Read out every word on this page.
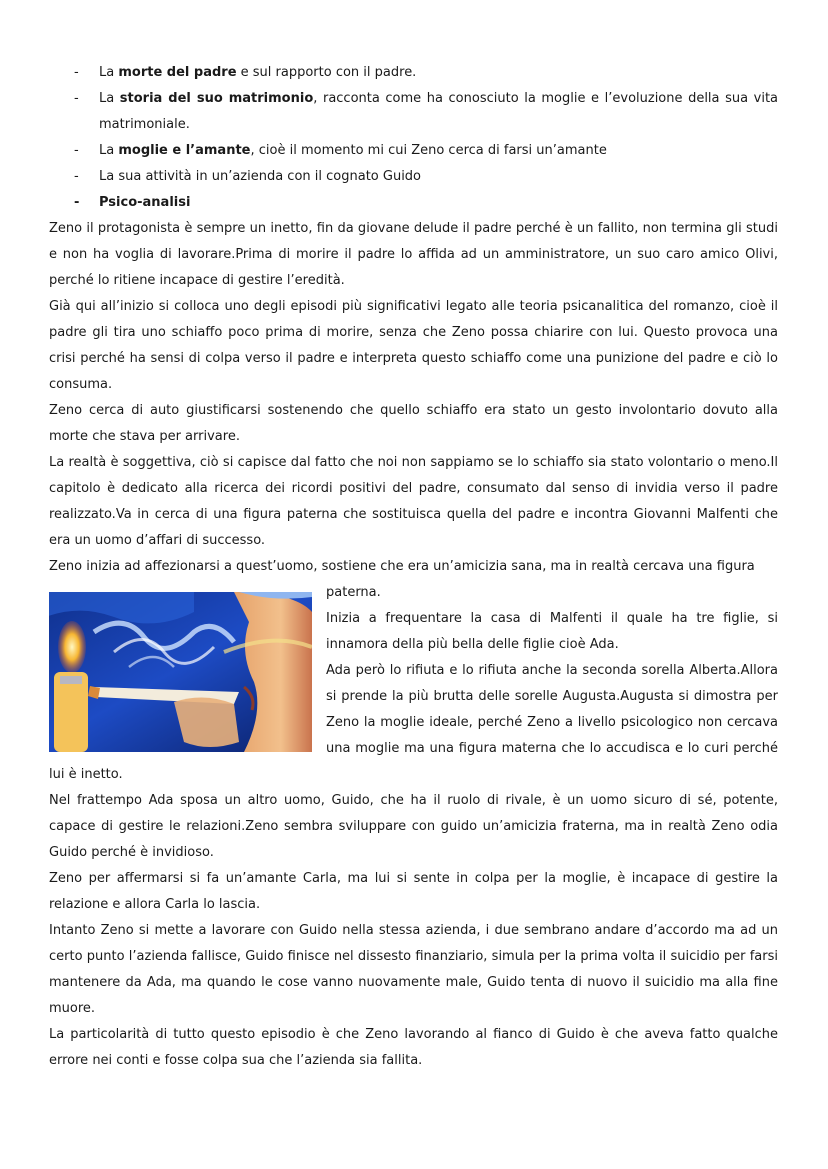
- La morte del padre e sul rapporto con il padre.
- La storia del suo matrimonio, racconta come ha conosciuto la moglie e l’evoluzione della sua vita matrimoniale.
- La moglie e l’amante, cioè il momento mi cui Zeno cerca di farsi un’amante
- La sua attività in un’azienda con il cognato Guido
- Psico-analisi

Zeno il protagonista è sempre un inetto, fin da giovane delude il padre perché è un fallito, non termina gli studi e non ha voglia di lavorare.Prima di morire il padre lo affida ad un amministratore, un suo caro amico Olivi, perché lo ritiene incapace di gestire l’eredità.

Già qui all’inizio si colloca uno degli episodi più significativi legato alle teoria psicanalitica del romanzo, cioè il padre gli tira uno schiaffo poco prima di morire, senza che Zeno possa chiarire con lui. Questo provoca una crisi perché ha sensi di colpa verso il padre e interpreta questo schiaffo come una punizione del padre e ciò lo consuma.

Zeno cerca di auto giustificarsi sostenendo che quello schiaffo era stato un gesto involontario dovuto alla morte che stava per arrivare.

La realtà è soggettiva, ciò si capisce dal fatto che noi non sappiamo se lo schiaffo sia stato volontario o meno.Il capitolo è dedicato alla ricerca dei ricordi positivi del padre, consumato dal senso di invidia verso il padre realizzato.Va in cerca di una figura paterna che sostituisca quella del padre e incontra Giovanni Malfenti che era un uomo d’affari di successo.

Zeno inizia ad affezionarsi a quest’uomo, sostiene che era un’amicizia sana, ma in realtà cercava una figura

paterna.

Inizia a frequentare la casa di Malfenti il quale ha tre figlie, si innamora della più bella delle figlie cioè Ada.

Ada però lo rifiuta e lo rifiuta anche la seconda sorella Alberta.Allora si prende la più brutta delle sorelle Augusta.Augusta si dimostra per Zeno la moglie ideale, perché Zeno a livello psicologico non cercava una moglie ma una figura materna che lo accudisca e lo curi perché lui è inetto.

Nel frattempo Ada sposa un altro uomo, Guido, che ha il ruolo di rivale, è un uomo sicuro di sé, potente, capace di gestire le relazioni.Zeno sembra sviluppare con guido un’amicizia fraterna, ma in realtà Zeno odia Guido perché è invidioso.

Zeno per affermarsi si fa un’amante Carla, ma lui si sente in colpa per la moglie, è incapace di gestire la relazione e allora Carla lo lascia.

Intanto Zeno si mette a lavorare con Guido nella stessa azienda, i due sembrano andare d’accordo ma ad un certo punto l’azienda fallisce, Guido finisce nel dissesto finanziario, simula per la prima volta il suicidio per farsi mantenere da Ada, ma quando le cose vanno nuovamente male, Guido tenta di nuovo il suicidio ma alla fine muore.

La particolarità di tutto questo episodio è che Zeno lavorando al fianco di Guido è che aveva fatto qualche errore nei conti e fosse colpa sua che l’azienda sia fallita.
